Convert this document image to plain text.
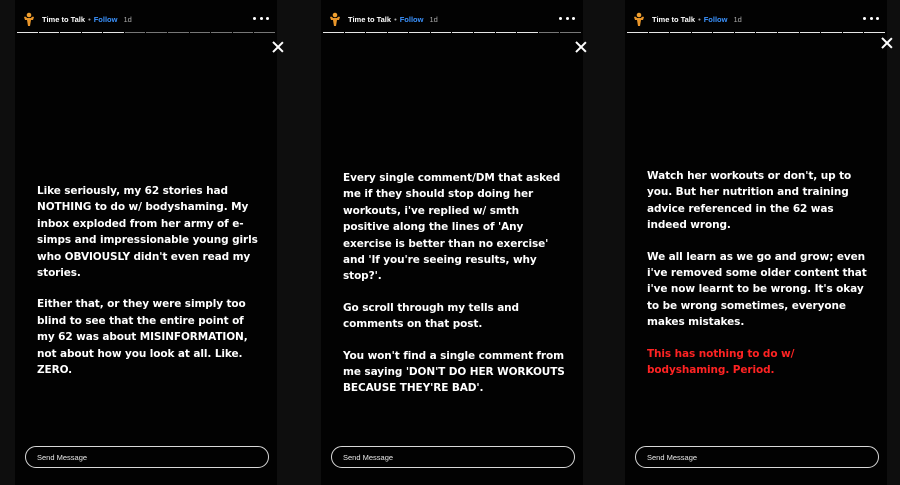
Time to Talk • Follow 1d

Like seriously, my 62 stories had NOTHING to do w/ bodyshaming. My inbox exploded from her army of e-simps and impressionable young girls who OBVIOUSLY didn't even read my stories.

Either that, or they were simply too blind to see that the entire point of my 62 was about MISINFORMATION, not about how you look at all. Like. ZERO.

Send Message
Time to Talk • Follow 1d

Every single comment/DM that asked me if they should stop doing her workouts, i've replied w/ smth positive along the lines of 'Any exercise is better than no exercise' and 'If you're seeing results, why stop?'.

Go scroll through my tells and comments on that post.

You won't find a single comment from me saying 'DON'T DO HER WORKOUTS BECAUSE THEY'RE BAD'.

Send Message
Time to Talk • Follow 1d

Watch her workouts or don't, up to you. But her nutrition and training advice referenced in the 62 was indeed wrong.

We all learn as we go and grow; even i've removed some older content that i've now learnt to be wrong. It's okay to be wrong sometimes, everyone makes mistakes.

This has nothing to do w/ bodyshaming. Period.

Send Message
